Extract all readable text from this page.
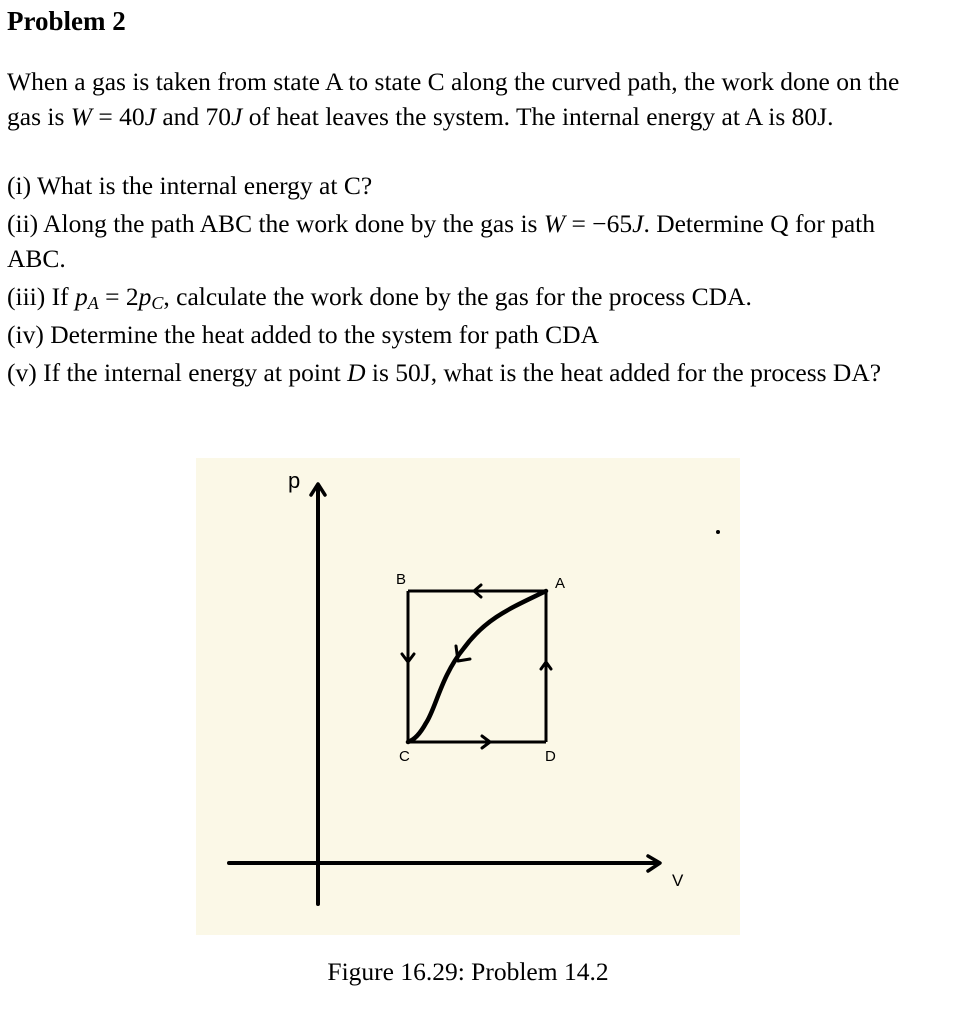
Problem 2

When a gas is taken from state A to state C along the curved path, the work done on the gas is W = 40J and 70J of heat leaves the system. The internal energy at A is 80J.

(i) What is the internal energy at C?

(ii) Along the path ABC the work done by the gas is W = −65J. Determine Q for path ABC.

(iii) If $p_A = 2p_C$, calculate the work done by the gas for the process CDA.

(iv) Determine the heat added to the system for path CDA

(v) If the internal energy at point D is 50J, what is the heat added for the process DA?

p
V
B	A
C	D
Figure 16.29: Problem 14.2
